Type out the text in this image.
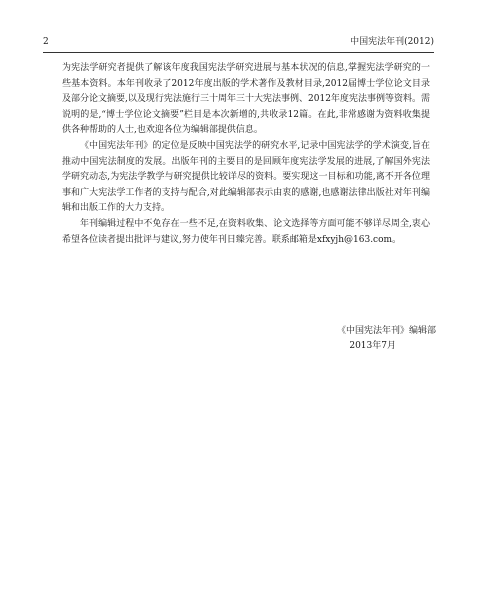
2	中国宪法年刊(2012)

为宪法学研究者提供了解该年度我国宪法学研究进展与基本状况的信息,掌握宪法学研究的一些基本资料。本年刊收录了2012年度出版的学术著作及教材目录,2012届博士学位论文目录及部分论文摘要,以及现行宪法施行三十周年三十大宪法事例、2012年度宪法事例等资料。需说明的是,“博士学位论文摘要”栏目是本次新增的,共收录12篇。在此,非常感谢为资料收集提供各种帮助的人士,也欢迎各位为编辑部提供信息。

《中国宪法年刊》的定位是反映中国宪法学的研究水平,记录中国宪法学的学术演变,旨在推动中国宪法制度的发展。出版年刊的主要目的是回顾年度宪法学发展的进展,了解国外宪法学研究动态,为宪法学教学与研究提供比较详尽的资料。要实现这一目标和功能,离不开各位理事和广大宪法学工作者的支持与配合,对此编辑部表示由衷的感谢,也感谢法律出版社对年刊编辑和出版工作的大力支持。

年刊编辑过程中不免存在一些不足,在资料收集、论文选择等方面可能不够详尽周全,衷心希望各位读者提出批评与建议,努力使年刊日臻完善。联系邮箱是xfxyjh@163.com。

《中国宪法年刊》编辑部
2013年7月
